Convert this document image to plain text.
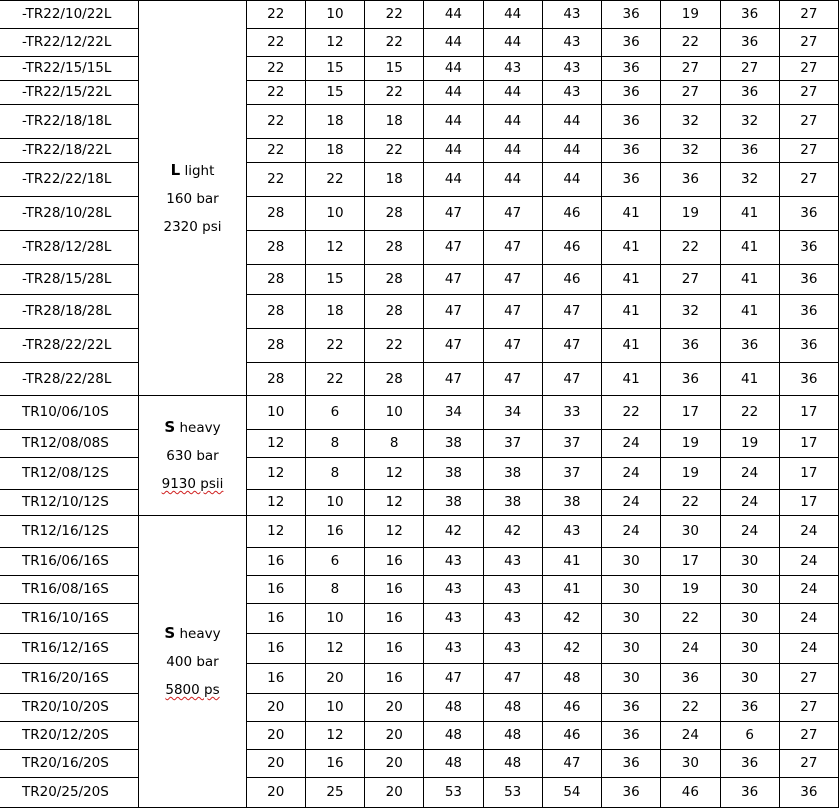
-TR22/10/22L	L light
160 bar
2320 psi	22	10	22	44	44	43	36	19	36	27
-TR22/12/22L		22	12	22	44	44	43	36	22	36	27
-TR22/15/15L		22	15	15	44	43	43	36	27	27	27
-TR22/15/22L		22	15	22	44	44	43	36	27	36	27
-TR22/18/18L		22	18	18	44	44	44	36	32	32	27
-TR22/18/22L		22	18	22	44	44	44	36	32	36	27
-TR22/22/18L		22	22	18	44	44	44	36	36	32	27
-TR28/10/28L		28	10	28	47	47	46	41	19	41	36
-TR28/12/28L		28	12	28	47	47	46	41	22	41	36
-TR28/15/28L		28	15	28	47	47	46	41	27	41	36
-TR28/18/28L		28	18	28	47	47	47	41	32	41	36
-TR28/22/22L		28	22	22	47	47	47	41	36	36	36
-TR28/22/28L		28	22	28	47	47	47	41	36	41	36
TR10/06/10S	S heavy
630 bar
9130 psii	10	6	10	34	34	33	22	17	22	17
TR12/08/08S		12	8	8	38	37	37	24	19	19	17
TR12/08/12S		12	8	12	38	38	37	24	19	24	17
TR12/10/12S		12	10	12	38	38	38	24	22	24	17
TR12/16/12S	S heavy
400 bar
5800 ps	12	16	12	42	42	43	24	30	24	24
TR16/06/16S		16	6	16	43	43	41	30	17	30	24
TR16/08/16S		16	8	16	43	43	41	30	19	30	24
TR16/10/16S		16	10	16	43	43	42	30	22	30	24
TR16/12/16S		16	12	16	43	43	42	30	24	30	24
TR16/20/16S		16	20	16	47	47	48	30	36	30	27
TR20/10/20S		20	10	20	48	48	46	36	22	36	27
TR20/12/20S		20	12	20	48	48	46	36	24	6	27
TR20/16/20S		20	16	20	48	48	47	36	30	36	27
TR20/25/20S		20	25	20	53	53	54	36	46	36	36
